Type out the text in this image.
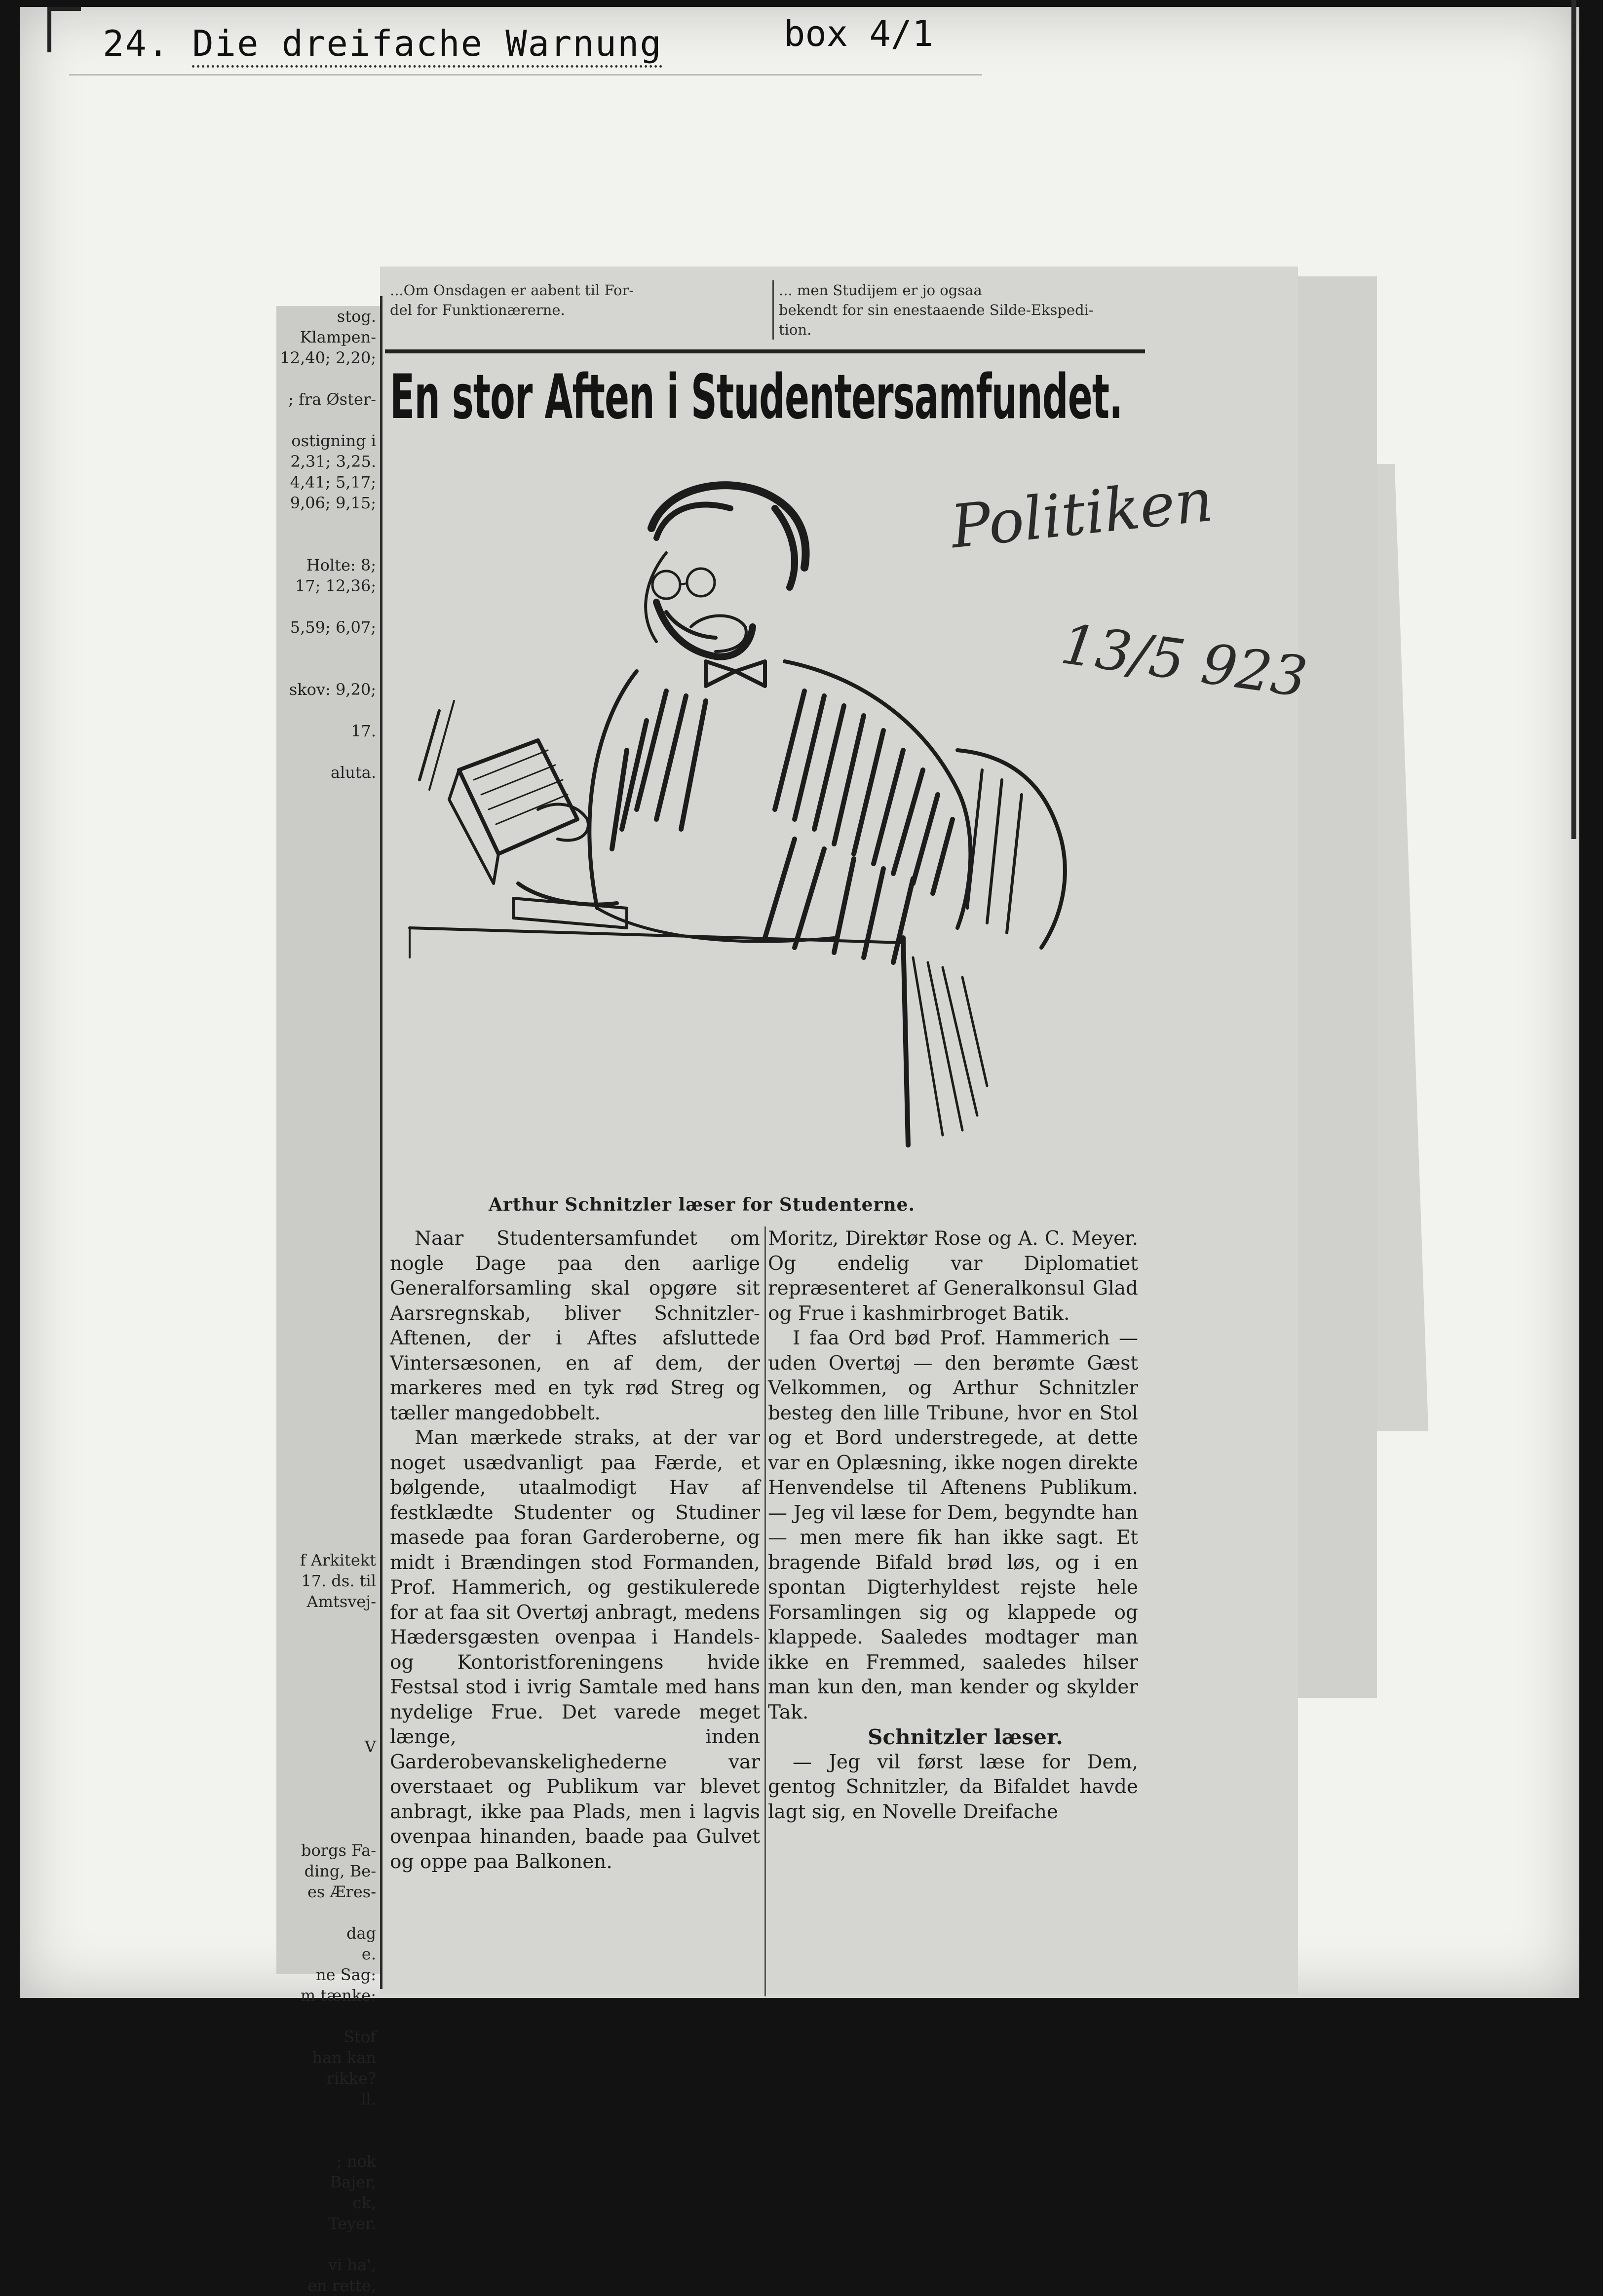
24. Die dreifache Warnung	box 4/1
stog.
Klampen-
12,40; 2,20;

; fra Øster-

ostigning i
2,31; 3,25.
4,41; 5,17;
9,06; 9,15;

Holte: 8;
17; 12,36;

5,59; 6,07;

skov: 9,20;

17.

aluta.

f Arkitekt
17. ds. til
Amtsvej-

V

borgs Fa-
ding, Be-
es Æres-

dag
e.
ne Sag:
m tænke:

Stof
han kan
rikke?
ll.

; nok
Bajer,
ck,
Teyer.

vi ha',
en rette,
...Om Onsdagen er aabent til For-
del for Funktionærerne.
... men Studijem er jo ogsaa
bekendt for sin enestaaende Silde-Ekspedi-
tion.
En stor Aften i Studentersamfundet.
Politiken
13/5 923
Arthur Schnitzler læser for Studenterne.

Naar Studentersamfundet om nogle Dage paa den aarlige Generalforsamling skal opgøre sit Aarsregnskab, bliver Schnitzler-Aftenen, der i Aftes afsluttede Vintersæsonen, en af dem, der markeres med en tyk rød Streg og tæller mangedobbelt.

Man mærkede straks, at der var noget usædvanligt paa Færde, et bølgende, utaalmodigt Hav af festklædte Studenter og Studiner masede paa foran Garderoberne, og midt i Brændingen stod Formanden, Prof. Hammerich, og gestikulerede for at faa sit Overtøj anbragt, medens Hædersgæsten ovenpaa i Handels- og Kontoristforeningens hvide Festsal stod i ivrig Samtale med hans nydelige Frue. Det varede meget længe, inden Garderobevanskelighederne var overstaaet og Publikum var blevet anbragt, ikke paa Plads, men i lagvis ovenpaa hinanden, baade paa Gulvet og oppe paa Balkonen.

Moritz, Direktør Rose og A. C. Meyer. Og endelig var Diplomatiet repræsenteret af Generalkonsul Glad og Frue i kashmirbroget Batik.

I faa Ord bød Prof. Hammerich — uden Overtøj — den berømte Gæst Velkommen, og Arthur Schnitzler besteg den lille Tribune, hvor en Stol og et Bord understregede, at dette var en Oplæsning, ikke nogen direkte Henvendelse til Aftenens Publikum. — Jeg vil læse for Dem, begyndte han — men mere fik han ikke sagt. Et bragende Bifald brød løs, og i en spontan Digterhyldest rejste hele Forsamlingen sig og klappede og klappede. Saaledes modtager man ikke en Fremmed, saaledes hilser man kun den, man kender og skylder Tak.

Schnitzler læser.

— Jeg vil først læse for Dem, gentog Schnitzler, da Bifaldet havde lagt sig, en Novelle Dreifache
